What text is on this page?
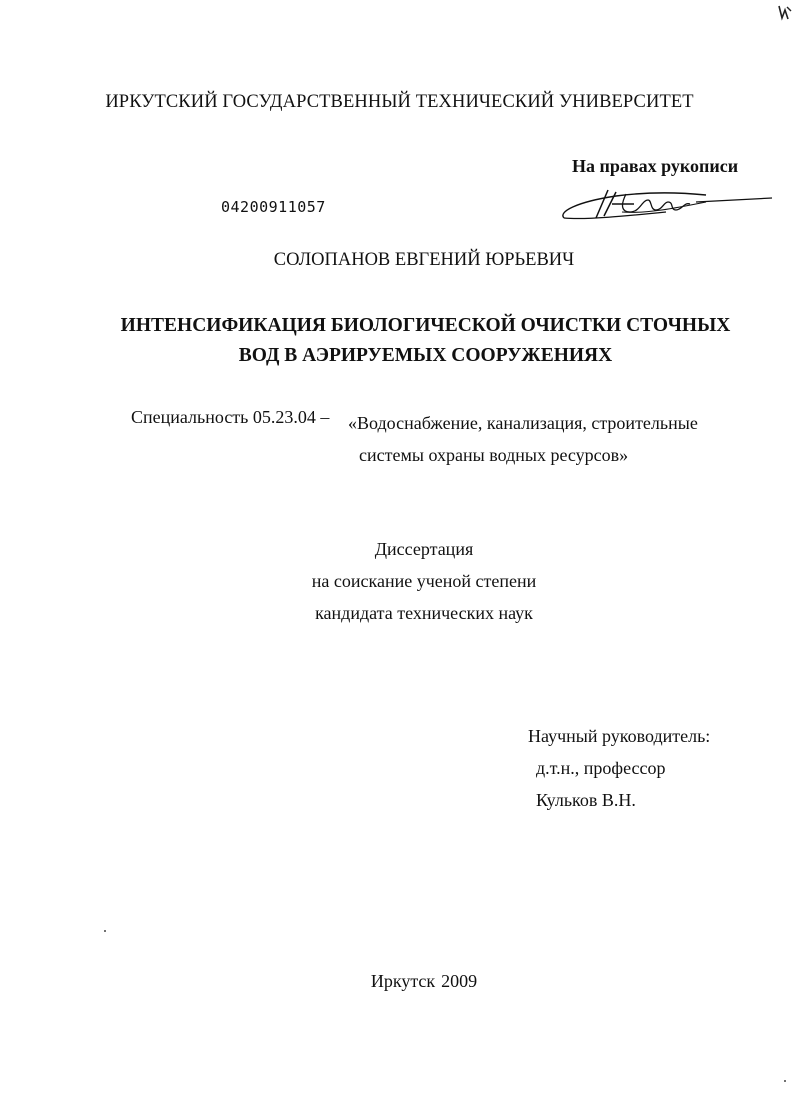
ИРКУТСКИЙ ГОСУДАРСТВЕННЫЙ ТЕХНИЧЕСКИЙ УНИВЕРСИТЕТ
На правах рукописи
04200911057
СОЛОПАНОВ ЕВГЕНИЙ ЮРЬЕВИЧ
ИНТЕНСИФИКАЦИЯ БИОЛОГИЧЕСКОЙ ОЧИСТКИ СТОЧНЫХ
ВОД В АЭРИРУЕМЫХ СООРУЖЕНИЯХ
Специальность 05.23.04 – «Водоснабжение, канализация, строительные
системы охраны водных ресурсов»
Диссертация
на соискание ученой степени
кандидата технических наук
Научный руководитель:
д.т.н., профессор
Кульков В.Н.
Иркутск 2009
